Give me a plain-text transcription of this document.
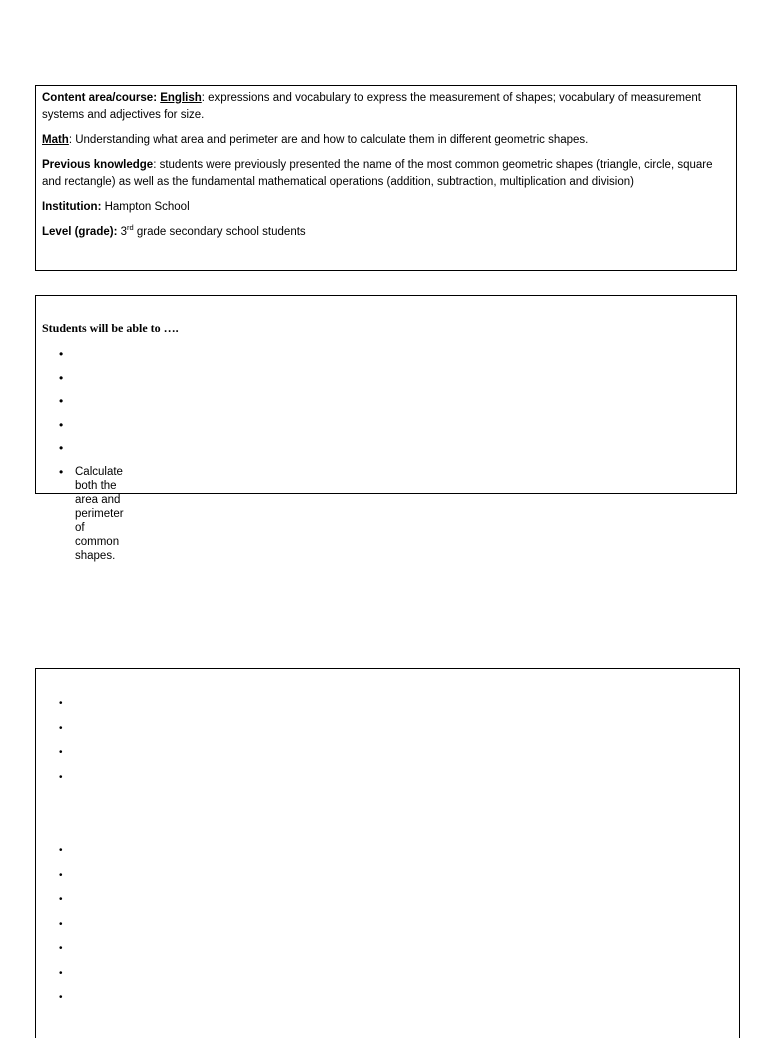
Content area/course: English: expressions and vocabulary to express the measurement of shapes; vocabulary of measurement systems and adjectives for size.

Math: Understanding what area and perimeter are and how to calculate them in different geometric shapes.

Previous knowledge: students were previously presented the name of the most common geometric shapes (triangle, circle, square and rectangle) as well as the fundamental mathematical operations (addition, subtraction, multiplication and division)

Institution: Hampton School

Level (grade): 3rd grade secondary school students

Students will be able to ….
•
•
•
•
•
• Calculate both the area and perimeter of common shapes.
•
•
•
•
•
•
•
•
•
•
•
